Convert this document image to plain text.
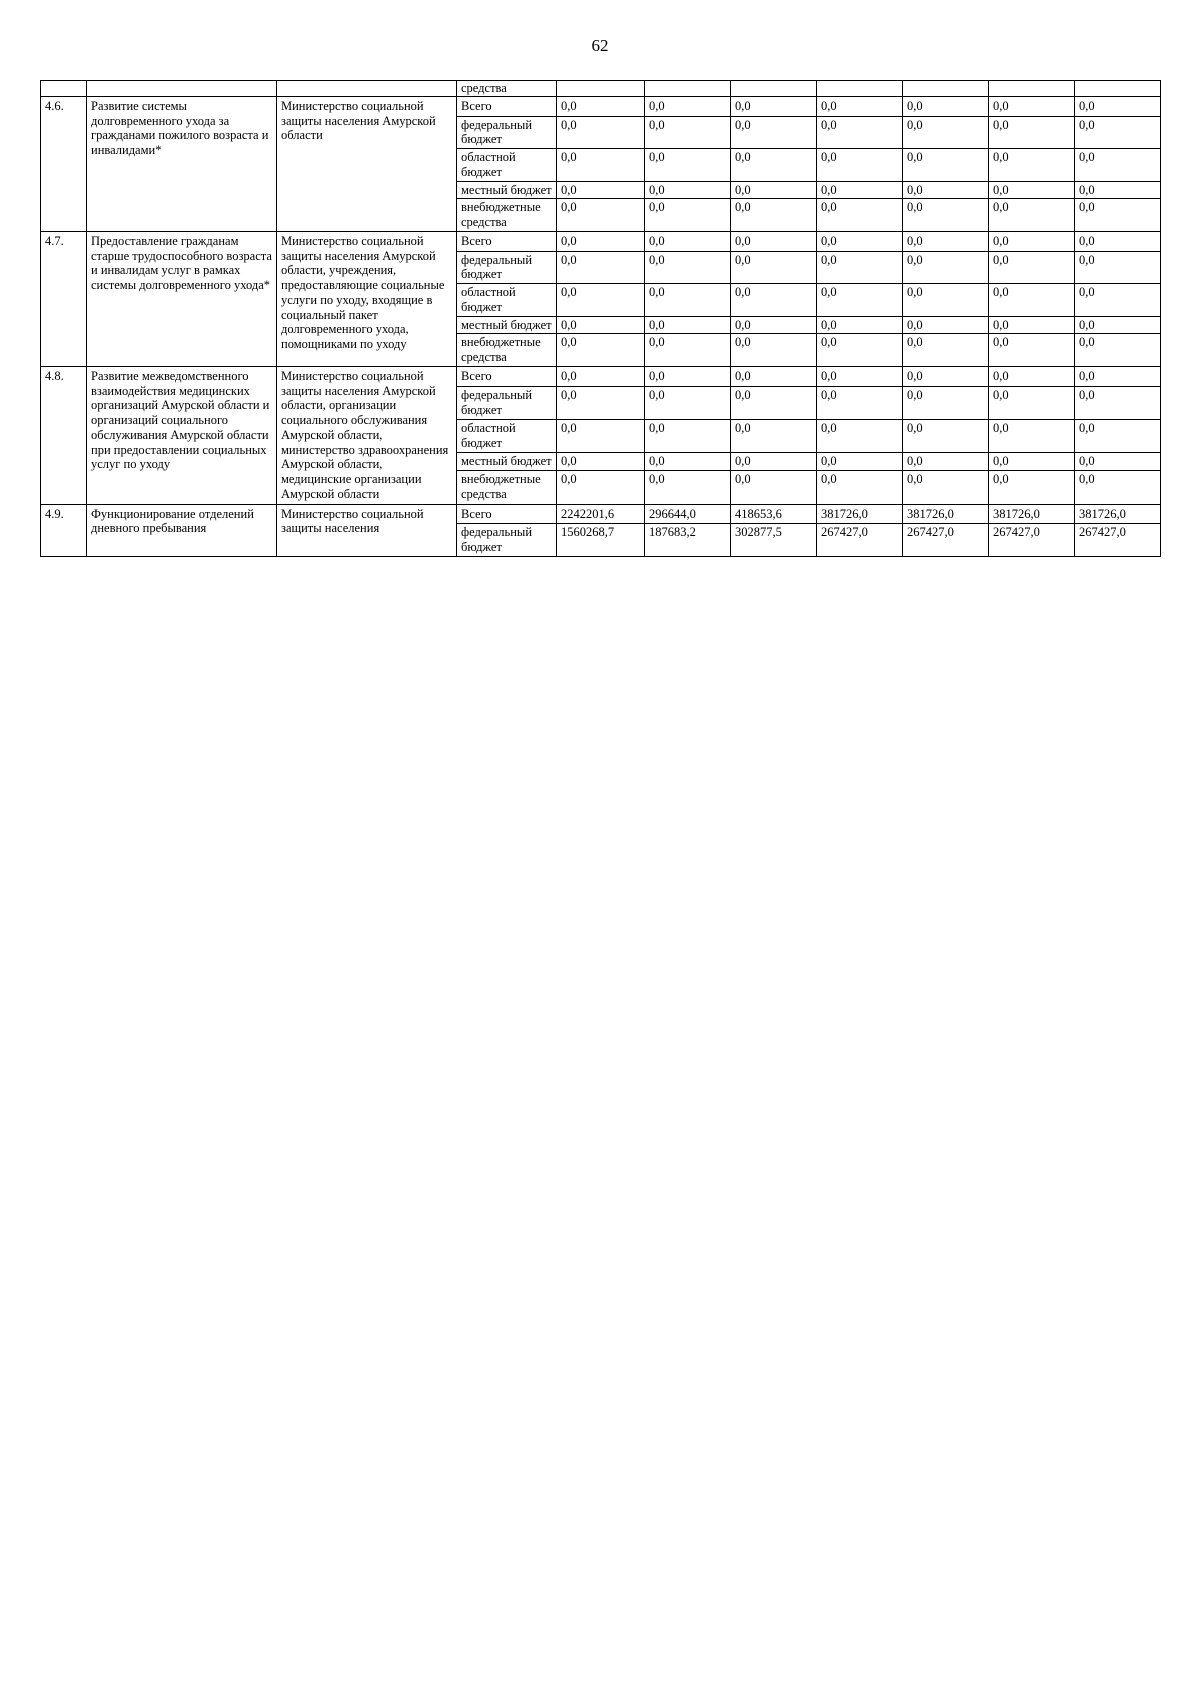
62
			средства							
4.6.	Развитие системы долговременного ухода за гражданами пожилого возраста и инвалидами*	Министерство социальной защиты населения Амурской области	Всего	0,0	0,0	0,0	0,0	0,0	0,0	0,0
			федеральный бюджет	0,0	0,0	0,0	0,0	0,0	0,0	0,0
			областной бюджет	0,0	0,0	0,0	0,0	0,0	0,0	0,0
			местный бюджет	0,0	0,0	0,0	0,0	0,0	0,0	0,0
			внебюджетные средства	0,0	0,0	0,0	0,0	0,0	0,0	0,0
4.7.	Предоставление гражданам старше трудоспособного возраста и инвалидам услуг в рамках системы долговременного ухода*	Министерство социальной защиты населения Амурской области, учреждения, предоставляющие социальные услуги по уходу, входящие в социальный пакет долговременного ухода, помощниками по уходу	Всего	0,0	0,0	0,0	0,0	0,0	0,0	0,0
			федеральный бюджет	0,0	0,0	0,0	0,0	0,0	0,0	0,0
			областной бюджет	0,0	0,0	0,0	0,0	0,0	0,0	0,0
			местный бюджет	0,0	0,0	0,0	0,0	0,0	0,0	0,0
			внебюджетные средства	0,0	0,0	0,0	0,0	0,0	0,0	0,0
4.8.	Развитие межведомственного взаимодействия медицинских организаций Амурской области и организаций социального обслуживания Амурской области при предоставлении социальных услуг по уходу	Министерство социальной защиты населения Амурской области, организации социального обслуживания Амурской области, министерство здравоохранения Амурской области, медицинские организации Амурской области	Всего	0,0	0,0	0,0	0,0	0,0	0,0	0,0
			федеральный бюджет	0,0	0,0	0,0	0,0	0,0	0,0	0,0
			областной бюджет	0,0	0,0	0,0	0,0	0,0	0,0	0,0
			местный бюджет	0,0	0,0	0,0	0,0	0,0	0,0	0,0
			внебюджетные средства	0,0	0,0	0,0	0,0	0,0	0,0	0,0
4.9.	Функционирование отделений дневного пребывания	Министерство социальной защиты населения	Всего	2242201,6	296644,0	418653,6	381726,0	381726,0	381726,0	381726,0
			федеральный бюджет	1560268,7	187683,2	302877,5	267427,0	267427,0	267427,0	267427,0
